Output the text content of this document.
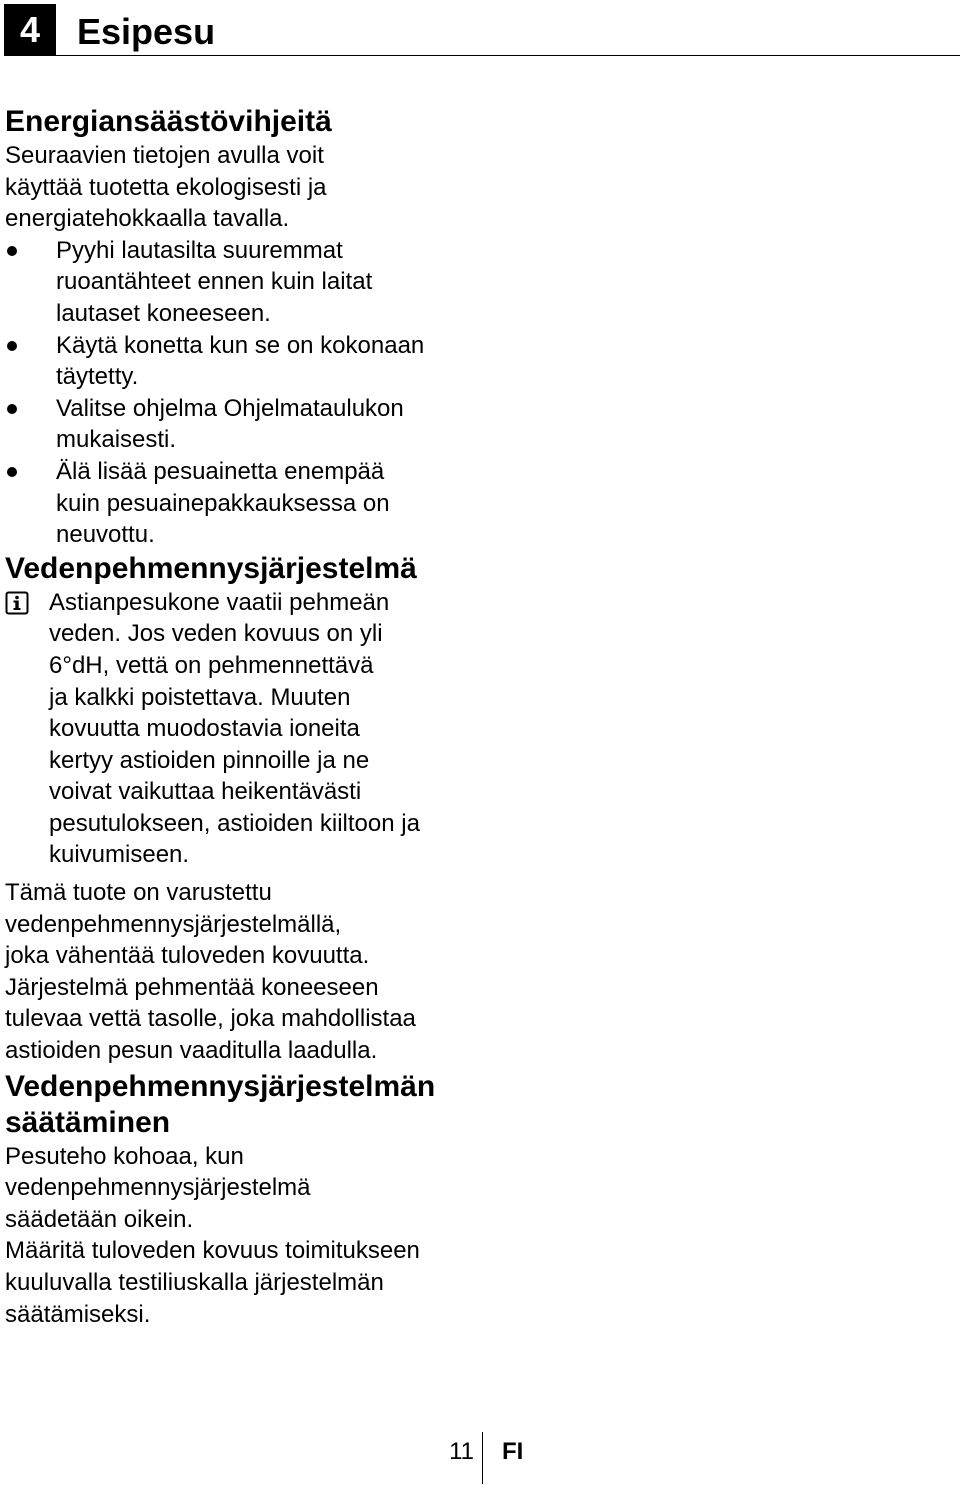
4	Esipesu
Energiansäästövihjeitä

Seuraavien tietojen avulla voit
käyttää tuotetta ekologisesti ja
energiatehokkaalla tavalla.

Pyyhi lautasilta suuremmat
ruoantähteet ennen kuin laitat
lautaset koneeseen.
Käytä konetta kun se on kokonaan
täytetty.
Valitse ohjelma Ohjelmataulukon
mukaisesti.
Älä lisää pesuainetta enempää
kuin pesuainepakkauksessa on
neuvottu.
Vedenpehmennysjärjestelmä
Astianpesukone vaatii pehmeän
veden. Jos veden kovuus on yli
6°dH, vettä on pehmennettävä
ja kalkki poistettava. Muuten
kovuutta muodostavia ioneita
kertyy astioiden pinnoille ja ne
voivat vaikuttaa heikentävästi
pesutulokseen, astioiden kiiltoon ja
kuivumiseen.

Tämä tuote on varustettu
vedenpehmennysjärjestelmällä,
joka vähentää tuloveden kovuutta.
Järjestelmä pehmentää koneeseen
tulevaa vettä tasolle, joka mahdollistaa
astioiden pesun vaaditulla laadulla.

Vedenpehmennysjärjestelmän
säätäminen

Pesuteho kohoaa, kun
vedenpehmennysjärjestelmä
säädetään oikein.
Määritä tuloveden kovuus toimitukseen
kuuluvalla testiliuskalla järjestelmän
säätämiseksi.

11 FI
